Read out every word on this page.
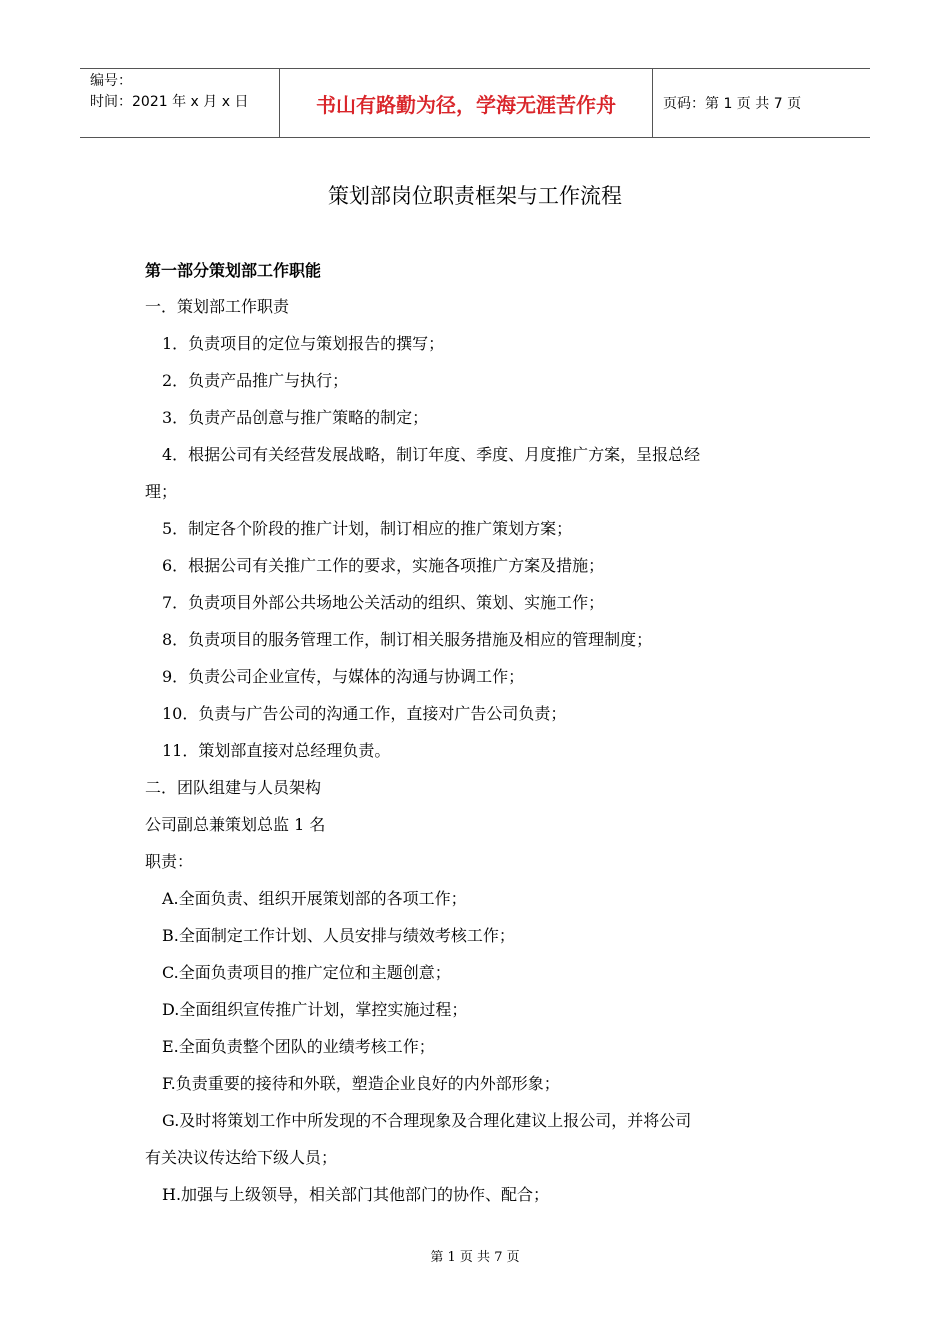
编号：
时间：2021 年 x 月 x 日	书山有路勤为径，学海无涯苦作舟	页码：第 1 页 共 7 页
策划部岗位职责框架与工作流程
第一部分策划部工作职能
一．策划部工作职责
1．负责项目的定位与策划报告的撰写；
2．负责产品推广与执行；
3．负责产品创意与推广策略的制定；
4．根据公司有关经营发展战略，制订年度、季度、月度推广方案，呈报总经
理；
5．制定各个阶段的推广计划，制订相应的推广策划方案；
6．根据公司有关推广工作的要求，实施各项推广方案及措施；
7．负责项目外部公共场地公关活动的组织、策划、实施工作；
8．负责项目的服务管理工作，制订相关服务措施及相应的管理制度；
9．负责公司企业宣传，与媒体的沟通与协调工作；
10．负责与广告公司的沟通工作，直接对广告公司负责；
11．策划部直接对总经理负责。
二．团队组建与人员架构
公司副总兼策划总监 1 名
职责：
A.全面负责、组织开展策划部的各项工作；
B.全面制定工作计划、人员安排与绩效考核工作；
C.全面负责项目的推广定位和主题创意；
D.全面组织宣传推广计划，掌控实施过程；
E.全面负责整个团队的业绩考核工作；
F.负责重要的接待和外联，塑造企业良好的内外部形象；
G.及时将策划工作中所发现的不合理现象及合理化建议上报公司，并将公司
有关决议传达给下级人员；
H.加强与上级领导，相关部门其他部门的协作、配合；
第 1 页 共 7 页
